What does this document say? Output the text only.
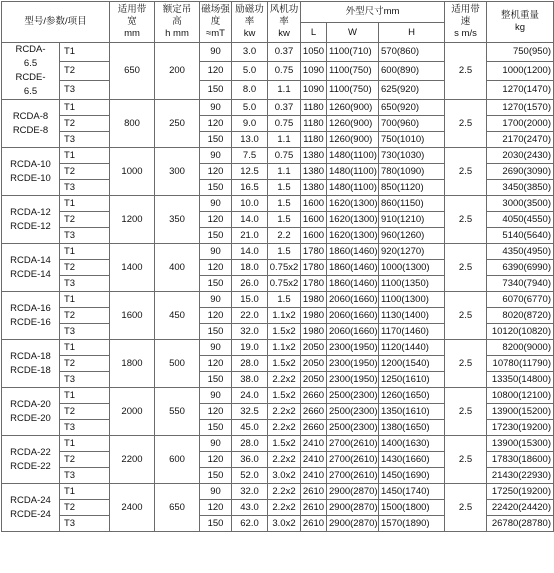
型号/参数/项目		适用带
宽
mm	额定吊
高
h mm	磁场强
度
≈mT	励磁功
率
kw	风机功
率
kw	外型尺寸mm			适用带
速
s m/s	整机重量
kg

							L	W	H		

RCDA-
6.5
RCDE-
6.5	T1	650	200	90	3.0	0.37	1050	1100(710)	570(860)	2.5	750(950)
	T2			120	5.0	0.75	1090	1100(750)	600(890)		1000(1200)
	T3			150	8.0	1.1	1090	1100(750)	625(920)		1270(1470)

RCDA-8
RCDE-8	T1	800	250	90	5.0	0.37	1180	1260(900)	650(920)	2.5	1270(1570)
	T2			120	9.0	0.75	1180	1260(900)	700(960)		1700(2000)
	T3			150	13.0	1.1	1180	1260(900)	750(1010)		2170(2470)

RCDA-10
RCDE-10	T1	1000	300	90	7.5	0.75	1380	1480(1100)	730(1030)	2.5	2030(2430)
	T2			120	12.5	1.1	1380	1480(1100)	780(1090)		2690(3090)
	T3			150	16.5	1.5	1380	1480(1100)	850(1120)		3450(3850)

RCDA-12
RCDE-12	T1	1200	350	90	10.0	1.5	1600	1620(1300)	860(1150)	2.5	3000(3500)
	T2			120	14.0	1.5	1600	1620(1300)	910(1210)		4050(4550)
	T3			150	21.0	2.2	1600	1620(1300)	960(1260)		5140(5640)

RCDA-14
RCDE-14	T1	1400	400	90	14.0	1.5	1780	1860(1460)	920(1270)	2.5	4350(4950)
	T2			120	18.0	0.75x2	1780	1860(1460)	1000(1300)		6390(6990)
	T3			150	26.0	0.75x2	1780	1860(1460)	1100(1350)		7340(7940)

RCDA-16
RCDE-16	T1	1600	450	90	15.0	1.5	1980	2060(1660)	1100(1300)	2.5	6070(6770)
	T2			120	22.0	1.1x2	1980	2060(1660)	1130(1400)		8020(8720)
	T3			150	32.0	1.5x2	1980	2060(1660)	1170(1460)		10120(10820)

RCDA-18
RCDE-18	T1	1800	500	90	19.0	1.1x2	2050	2300(1950)	1120(1440)	2.5	8200(9000)
	T2			120	28.0	1.5x2	2050	2300(1950)	1200(1540)		10780(11790)
	T3			150	38.0	2.2x2	2050	2300(1950)	1250(1610)		13350(14800)

RCDA-20
RCDE-20	T1	2000	550	90	24.0	1.5x2	2660	2500(2300)	1260(1650)	2.5	10800(12100)
	T2			120	32.5	2.2x2	2660	2500(2300)	1350(1610)		13900(15200)
	T3			150	45.0	2.2x2	2660	2500(2300)	1380(1650)		17230(19200)

RCDA-22
RCDE-22	T1	2200	600	90	28.0	1.5x2	2410	2700(2610)	1400(1630)	2.5	13900(15300)
	T2			120	36.0	2.2x2	2410	2700(2610)	1430(1660)		17830(18600)
	T3			150	52.0	3.0x2	2410	2700(2610)	1450(1690)		21430(22930)

RCDA-24
RCDE-24	T1	2400	650	90	32.0	2.2x2	2610	2900(2870)	1450(1740)	2.5	17250(19200)
	T2			120	43.0	2.2x2	2610	2900(2870)	1500(1800)		22420(24420)
	T3			150	62.0	3.0x2	2610	2900(2870)	1570(1890)		26780(28780)
